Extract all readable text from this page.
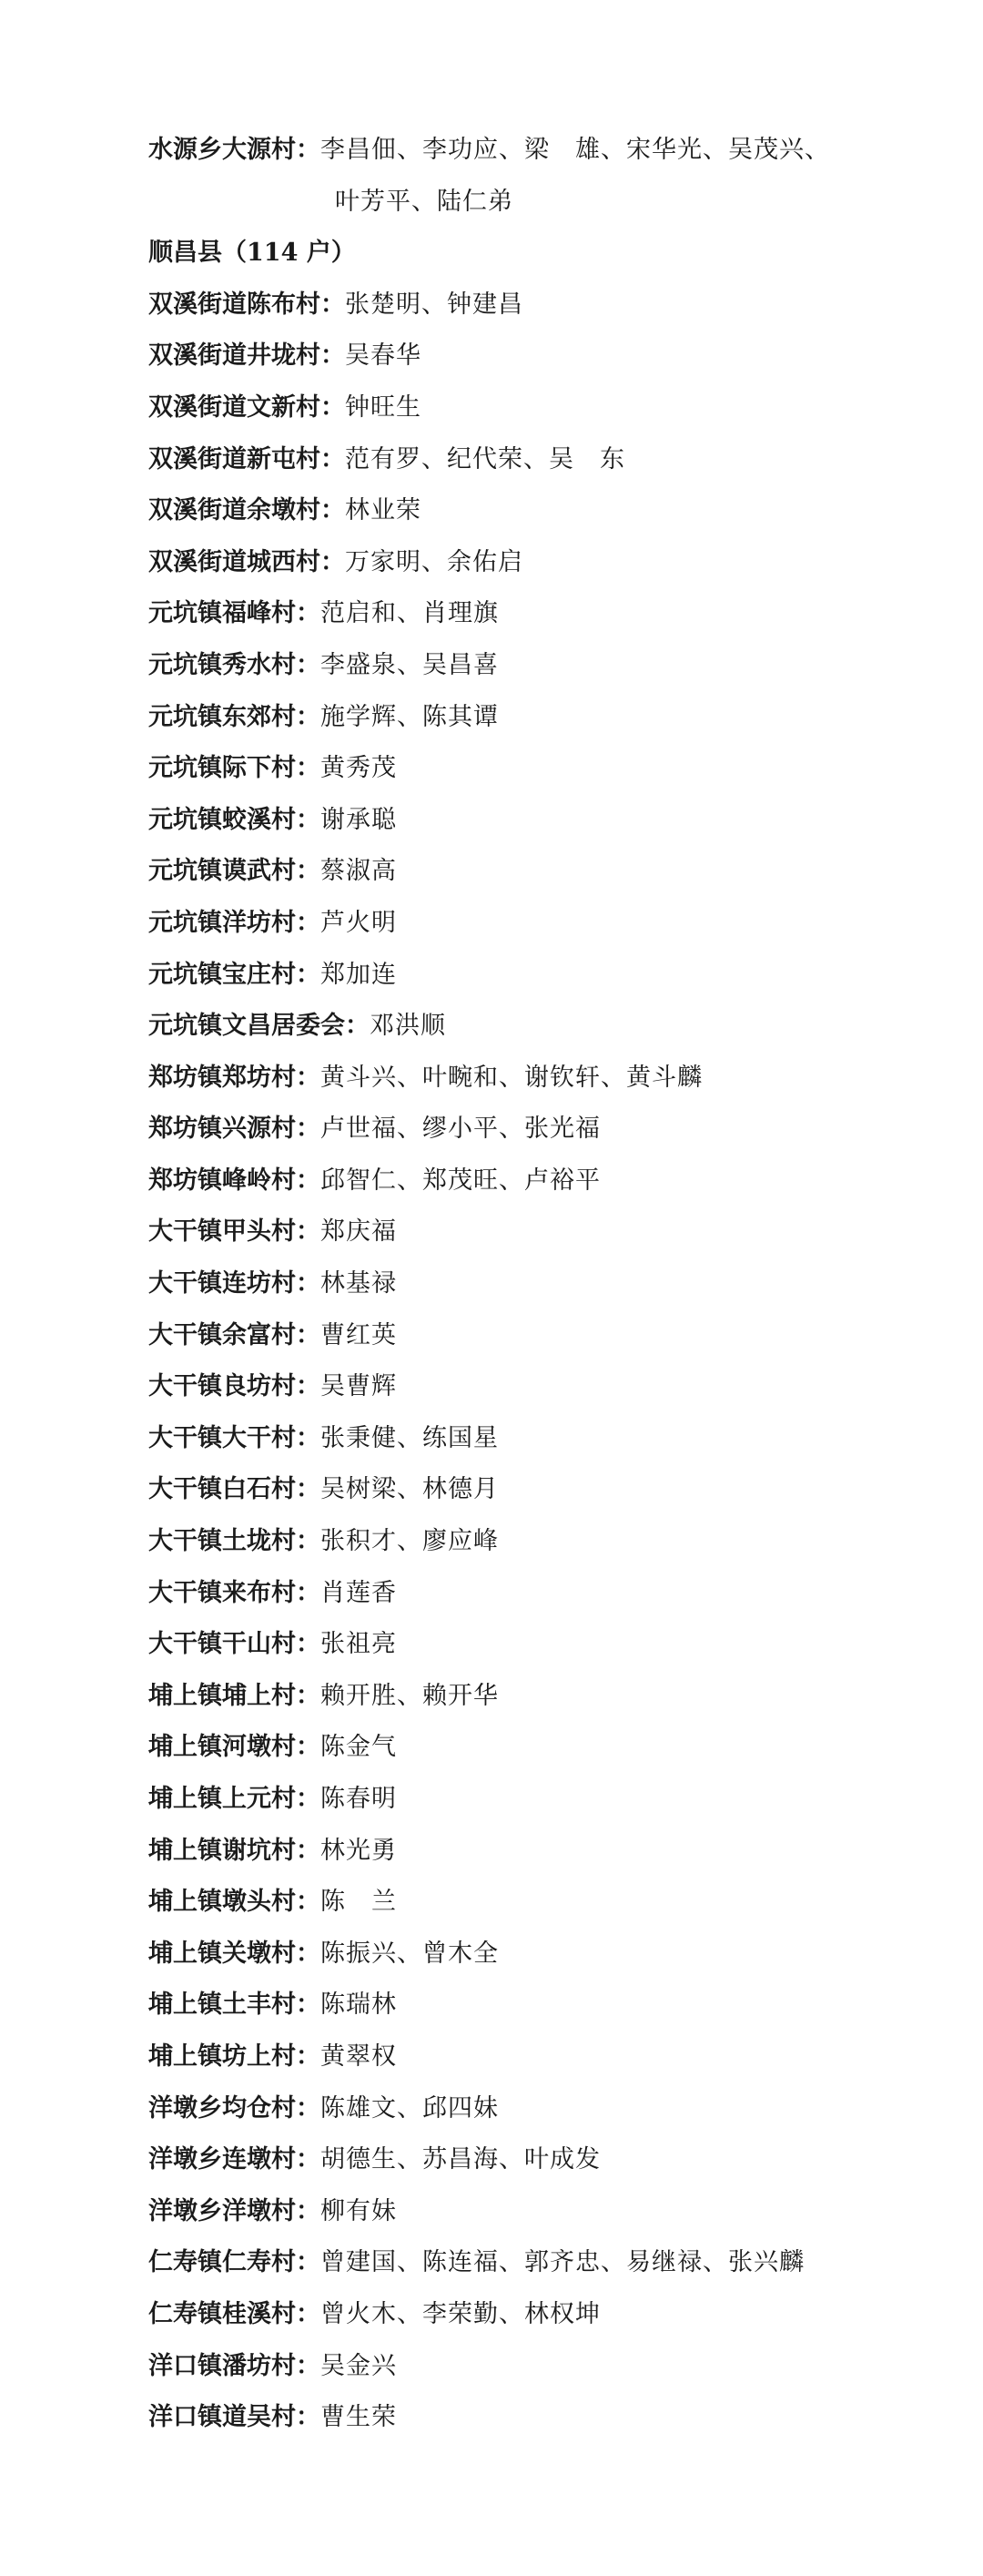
水源乡大源村：李昌佃、李功应、梁　雄、宋华光、吴茂兴、
叶芳平、陆仁弟
顺昌县（114 户）
双溪街道陈布村：张楚明、钟建昌
双溪街道井垅村：吴春华
双溪街道文新村：钟旺生
双溪街道新屯村：范有罗、纪代荣、吴　东
双溪街道余墩村：林业荣
双溪街道城西村：万家明、余佑启
元坑镇福峰村：范启和、肖理旗
元坑镇秀水村：李盛泉、吴昌喜
元坑镇东郊村：施学辉、陈其谭
元坑镇际下村：黄秀茂
元坑镇蛟溪村：谢承聪
元坑镇谟武村：蔡淑高
元坑镇洋坊村：芦火明
元坑镇宝庄村：郑加连
元坑镇文昌居委会：邓洪顺
郑坊镇郑坊村：黄斗兴、叶畹和、谢钦轩、黄斗麟
郑坊镇兴源村：卢世福、缪小平、张光福
郑坊镇峰岭村：邱智仁、郑茂旺、卢裕平
大干镇甲头村：郑庆福
大干镇连坊村：林基禄
大干镇余富村：曹红英
大干镇良坊村：吴曹辉
大干镇大干村：张秉健、练国星
大干镇白石村：吴树梁、林德月
大干镇土垅村：张积才、廖应峰
大干镇来布村：肖莲香
大干镇干山村：张祖亮
埔上镇埔上村：赖开胜、赖开华
埔上镇河墩村：陈金气
埔上镇上元村：陈春明
埔上镇谢坑村：林光勇
埔上镇墩头村：陈　兰
埔上镇关墩村：陈振兴、曾木全
埔上镇土丰村：陈瑞林
埔上镇坊上村：黄翠权
洋墩乡均仓村：陈雄文、邱四妹
洋墩乡连墩村：胡德生、苏昌海、叶成发
洋墩乡洋墩村：柳有妹
仁寿镇仁寿村：曾建国、陈连福、郭齐忠、易继禄、张兴麟
仁寿镇桂溪村：曾火木、李荣勤、林权坤
洋口镇潘坊村：吴金兴
洋口镇道吴村：曹生荣
